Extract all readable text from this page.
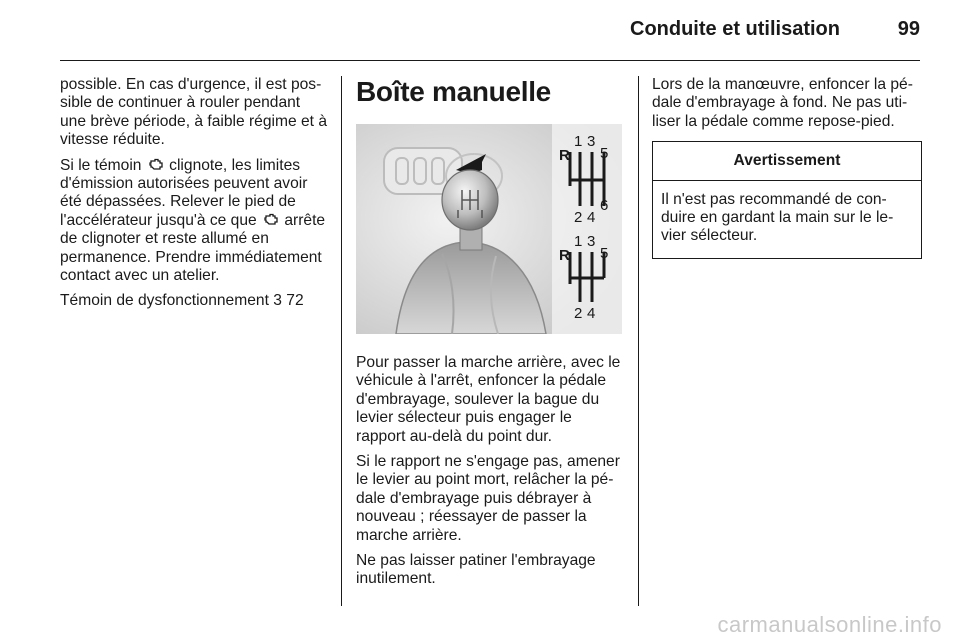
Conduite et utilisation	99

possible. En cas d'urgence, il est possible de continuer à rouler pendant une brève période, à faible régime et à vitesse réduite.

Si le témoin clignote, les limites d'émission autorisées peuvent avoir été dépassées. Relever le pied de l'accélérateur jusqu'à ce que arrête de clignoter et reste allumé en permanence. Prendre immédiatement contact avec un atelier.

Témoin de dysfonctionnement 3 72

Boîte manuelle
R
1 3
5
2 4
6
R
1 3
5
2 4

Pour passer la marche arrière, avec le véhicule à l'arrêt, enfoncer la pédale d'embrayage, soulever la bague du levier sélecteur puis engager le rapport au-delà du point dur.

Si le rapport ne s'engage pas, amener le levier au point mort, relâcher la pédale d'embrayage puis débrayer à nouveau ; réessayer de passer la marche arrière.

Ne pas laisser patiner l'embrayage inutilement.

Lors de la manœuvre, enfoncer la pédale d'embrayage à fond. Ne pas utiliser la pédale comme repose-pied.

Avertissement
Il n'est pas recommandé de conduire en gardant la main sur le levier sélecteur.
carmanualsonline.info
